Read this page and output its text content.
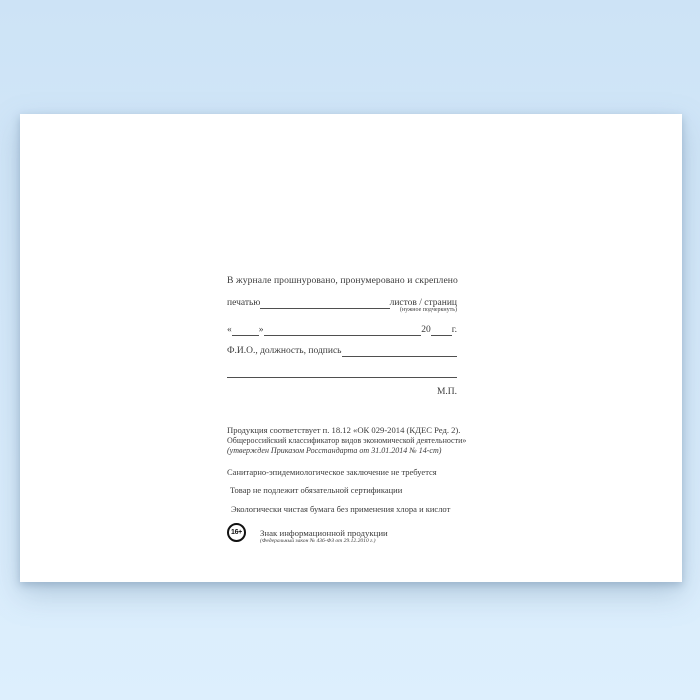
В журнале прошнуровано, пронумеровано и скреплено
печатью	листов / страниц
(нужное подчеркнуть)
«	»	20 г.
Ф.И.О., должность, подпись
М.П.
Продукция соответствует п. 18.12 «ОК 029-2014 (КДЕС Ред. 2).
Общероссийский классификатор видов экономической деятельности»
(утвержден Приказом Росстандарта от 31.01.2014 № 14-ст)
Санитарно-эпидемиологическое заключение не требуется
Товар не подлежит обязательной сертификации
Экологически чистая бумага без применения хлора и кислот
16+	Знак информационной продукции
(Федеральный закон № 436-ФЗ от 29.12.2010 г.)
